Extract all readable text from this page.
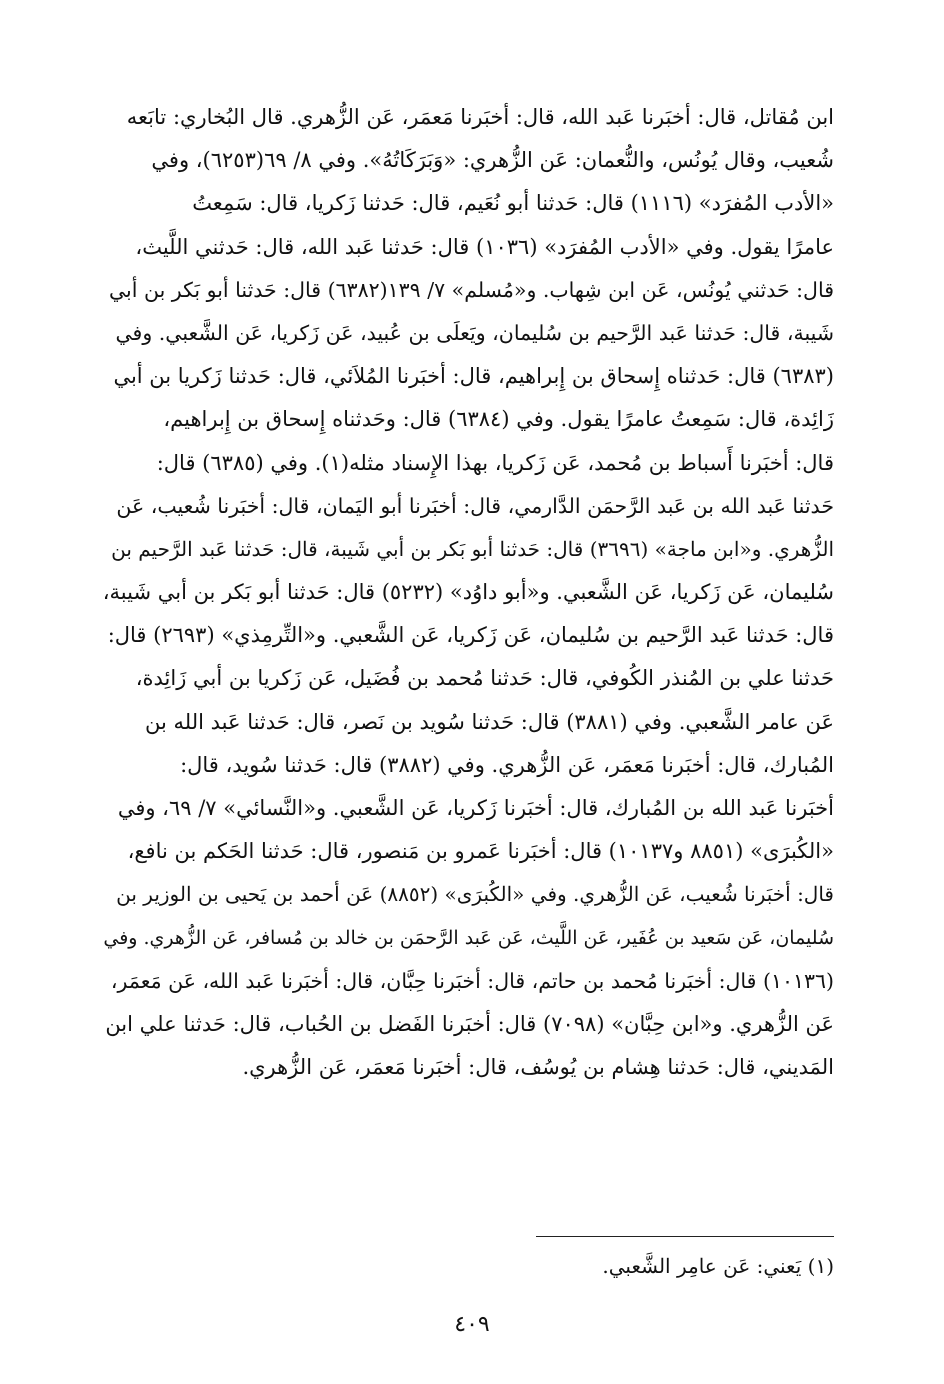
ابن مُقاتل، قال: أخبَرنا عَبد الله، قال: أخبَرنا مَعمَر، عَن الزُّهري. قال البُخاري: تابَعه
شُعيب، وقال يُونُس، والنُّعمان: عَن الزُّهري: «وَبَرَكَاتُهُ». وفي ٨/ ٦٩(٦٢٥٣)، وفي
«الأدب المُفرَد» (١١١٦) قال: حَدثنا أبو نُعَيم، قال: حَدثنا زَكريا، قال: سَمِعتُ
عامرًا يقول. وفي «الأدب المُفرَد» (١٠٣٦) قال: حَدثنا عَبد الله، قال: حَدثني اللَّيث،
قال: حَدثني يُونُس، عَن ابن شِهاب. و«مُسلم» ٧/ ١٣٩(٦٣٨٢) قال: حَدثنا أبو بَكر بن أبي
شَيبة، قال: حَدثنا عَبد الرَّحيم بن سُليمان، ويَعلَى بن عُبيد، عَن زَكريا، عَن الشَّعبي. وفي
(٦٣٨٣) قال: حَدثناه إِسحاق بن إِبراهيم، قال: أخبَرنا المُلاَئي، قال: حَدثنا زَكريا بن أبي
زَائِدة، قال: سَمِعتُ عامرًا يقول. وفي (٦٣٨٤) قال: وحَدثناه إِسحاق بن إِبراهيم،
قال: أخبَرنا أَسباط بن مُحمد، عَن زَكريا، بهذا الإِسناد مثله(١). وفي (٦٣٨٥) قال:
حَدثنا عَبد الله بن عَبد الرَّحمَن الدَّارمي، قال: أخبَرنا أبو اليَمان، قال: أخبَرنا شُعيب، عَن
الزُّهري. و«ابن ماجة» (٣٦٩٦) قال: حَدثنا أبو بَكر بن أبي شَيبة، قال: حَدثنا عَبد الرَّحيم بن
سُليمان، عَن زَكريا، عَن الشَّعبي. و«أبو داوُد» (٥٢٣٢) قال: حَدثنا أبو بَكر بن أبي شَيبة،
قال: حَدثنا عَبد الرَّحيم بن سُليمان، عَن زَكريا، عَن الشَّعبي. و«التِّرمِذي» (٢٦٩٣) قال:
حَدثنا علي بن المُنذر الكُوفي، قال: حَدثنا مُحمد بن فُضَيل، عَن زَكريا بن أبي زَائِدة،
عَن عامر الشَّعبي. وفي (٣٨٨١) قال: حَدثنا سُويد بن نَصر، قال: حَدثنا عَبد الله بن
المُبارك، قال: أخبَرنا مَعمَر، عَن الزُّهري. وفي (٣٨٨٢) قال: حَدثنا سُويد، قال:
أخبَرنا عَبد الله بن المُبارك، قال: أخبَرنا زَكريا، عَن الشَّعبي. و«النَّسائي» ٧/ ٦٩، وفي
«الكُبرَى» (٨٨٥١ و١٠١٣٧) قال: أخبَرنا عَمرو بن مَنصور، قال: حَدثنا الحَكم بن نافع،
قال: أخبَرنا شُعيب، عَن الزُّهري. وفي «الكُبرَى» (٨٨٥٢) عَن أحمد بن يَحيى بن الوزير بن
سُليمان، عَن سَعيد بن عُفَير، عَن اللَّيث، عَن عَبد الرَّحمَن بن خالد بن مُسافر، عَن الزُّهري. وفي
(١٠١٣٦) قال: أخبَرنا مُحمد بن حاتم، قال: أخبَرنا حِبَّان، قال: أخبَرنا عَبد الله، عَن مَعمَر،
عَن الزُّهري. و«ابن حِبَّان» (٧٠٩٨) قال: أخبَرنا الفَضل بن الحُباب، قال: حَدثنا علي ابن
المَديني، قال: حَدثنا هِشام بن يُوسُف، قال: أخبَرنا مَعمَر، عَن الزُّهري.
(١) يَعني: عَن عامِر الشَّعبي.
٤٠٩
